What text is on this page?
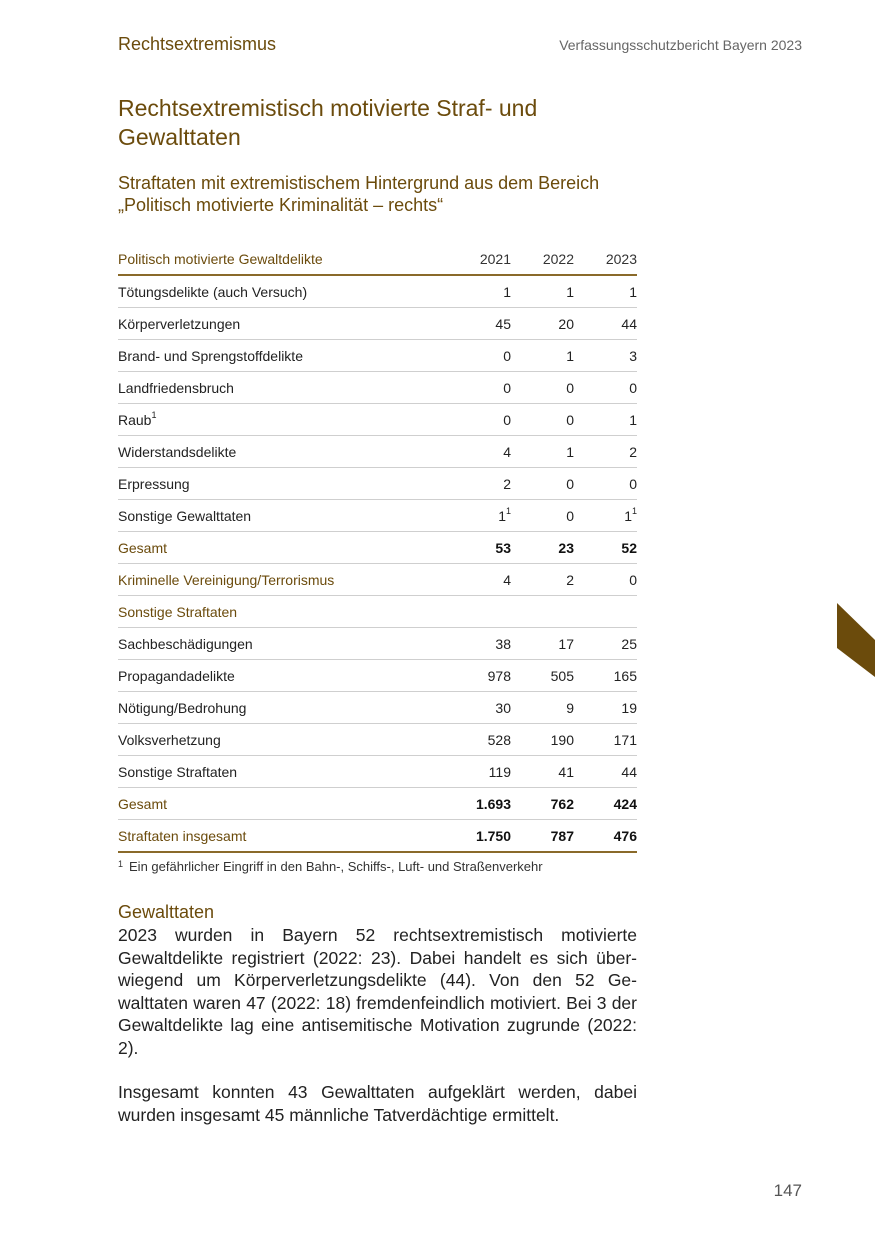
Rechtsextremismus	Verfassungsschutzbericht Bayern 2023
Rechtsextremistisch motivierte Straf- und Gewalttaten
Straftaten mit extremistischem Hintergrund aus dem Bereich „Politisch motivierte Kriminalität – rechts“
Politisch motivierte Gewaltdelikte	2021	2022	2023
Tötungsdelikte (auch Versuch)	1	1	1
Körperverletzungen	45	20	44
Brand- und Sprengstoffdelikte	0	1	3
Landfriedensbruch	0	0	0
Raub$^1$	0	0	1
Widerstandsdelikte	4	1	2
Erpressung	2	0	0
Sonstige Gewalttaten	$1^1$	0	$1^1$
Gesamt	53	23	52
Kriminelle Vereinigung/Terrorismus	4	2	0
Sonstige Straftaten
Sachbeschädigungen	38	17	25
Propagandadelikte	978	505	165
Nötigung/Bedrohung	30	9	19
Volksverhetzung	528	190	171
Sonstige Straftaten	119	41	44
Gesamt	1.693	762	424
Straftaten insgesamt	1.750	787	476
$^1$ Ein gefährlicher Eingriff in den Bahn-, Schiffs-, Luft- und Straßenverkehr
Gewalttaten
2023 wurden in Bayern 52 rechtsextremistisch motivierte Gewaltdelikte registriert (2022: 23). Dabei handelt es sich überwiegend um Körperverletzungsdelikte (44). Von den 52 Gewalttaten waren 47 (2022: 18) fremdenfeindlich motiviert. Bei 3 der Gewaltdelikte lag eine antisemitische Motivation zugrunde (2022: 2).
Insgesamt konnten 43 Gewalttaten aufgeklärt werden, dabei wurden insgesamt 45 männliche Tatverdächtige ermittelt.
147
